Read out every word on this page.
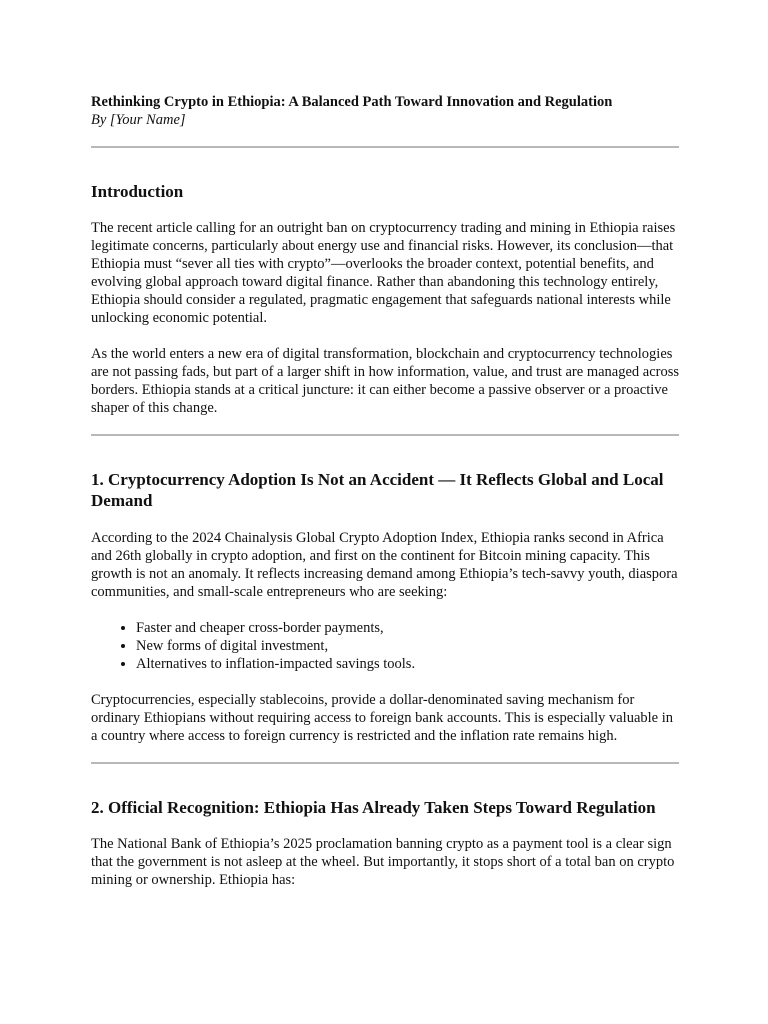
Rethinking Crypto in Ethiopia: A Balanced Path Toward Innovation and Regulation

By [Your Name]

Introduction

The recent article calling for an outright ban on cryptocurrency trading and mining in Ethiopia raises legitimate concerns, particularly about energy use and financial risks. However, its conclusion—that Ethiopia must “sever all ties with crypto”—overlooks the broader context, potential benefits, and evolving global approach toward digital finance. Rather than abandoning this technology entirely, Ethiopia should consider a regulated, pragmatic engagement that safeguards national interests while unlocking economic potential.

As the world enters a new era of digital transformation, blockchain and cryptocurrency technologies are not passing fads, but part of a larger shift in how information, value, and trust are managed across borders. Ethiopia stands at a critical juncture: it can either become a passive observer or a proactive shaper of this change.

1. Cryptocurrency Adoption Is Not an Accident — It Reflects Global and Local Demand

According to the 2024 Chainalysis Global Crypto Adoption Index, Ethiopia ranks second in Africa and 26th globally in crypto adoption, and first on the continent for Bitcoin mining capacity. This growth is not an anomaly. It reflects increasing demand among Ethiopia’s tech-savvy youth, diaspora communities, and small-scale entrepreneurs who are seeking:

• Faster and cheaper cross-border payments,
• New forms of digital investment,
• Alternatives to inflation-impacted savings tools.

Cryptocurrencies, especially stablecoins, provide a dollar-denominated saving mechanism for ordinary Ethiopians without requiring access to foreign bank accounts. This is especially valuable in a country where access to foreign currency is restricted and the inflation rate remains high.

2. Official Recognition: Ethiopia Has Already Taken Steps Toward Regulation

The National Bank of Ethiopia’s 2025 proclamation banning crypto as a payment tool is a clear sign that the government is not asleep at the wheel. But importantly, it stops short of a total ban on crypto mining or ownership. Ethiopia has:
